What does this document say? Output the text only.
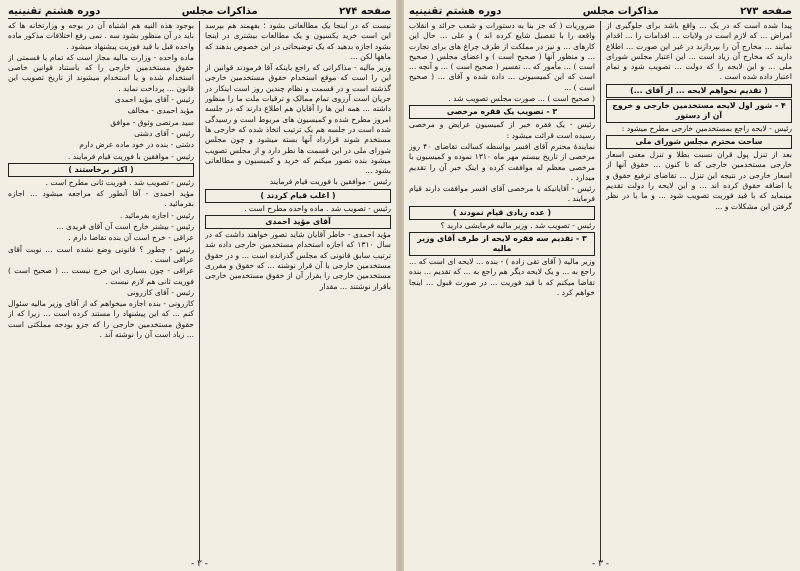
صفحه ۲۷۴
مذاکرات مجلس
دوره هشتم تقنینیه

نیست که در اینجا یک مطالعاتی بشود ؛ بفهمند هم بپرسد این است خرید یکسیون و یک مطالعات بیشتری در اینجا بشود اجازه بدهید که یک توضیحاتی در این خصوص بدهند که ماهها لکن ...

وزیر مالیه - مذاکراتی که راجع باینکه آقا فرمودند قوانین از این را است که موقع استخدام حقوق مستخدمین خارجی گذشته است و در قسمت و نظام چندین روز است اینکار در جریان است آرزوی تمام ممالک و ترقیات ملت ما را منظور داشته ... همه این ها را آقایان هم اطلاع دارند که در جلسه امروز مطرح شده و کمیسیون های مربوط است و رسیدگی شده است در جلسه هم یک ترتیب اتخاذ شده که خارجی ها مستخدم شوند قرارداد آنها بسته میشود و چون مجلس شورای ملی در این قسمت ها نظر دارد و از مجلس تصویب میشود بنده تصور میکنم که خرید و کمیسیون و مطالعاتی بشود ...

رئیس - موافقین با فوریت قیام فرمایند

( اغلب قیام کردند )

رئیس - تصویب شد . ماده واحده مطرح است .

آقای مؤید احمدی

مؤید احمدی - خاطر آقایان شاید تصور خواهند داشت که در سال ۱۳۱۰ که اجازه استخدام مستخدمین خارجی داده شد ترتیب سابق قانونی که مجلس گذرانده است ... و در حقوق مستخدمین خارجی با آن قرار نوشته ... که حقوق و مقرری مستخدمین خارجی را بقرار آن از حقوق مستخدمین خارجی باقرار نوشتند ... مقدار

بوجود هذه النیه هم اشتباه آن در بوجه و وزارتخانه ها که باید در آن منظور بشود سه . نمی رفع اختلافات مذکور ماده واحده قبل با قید فوریت پیشنهاد میشود .

ماده واحده - وزارت مالیه مجاز است که تمام یا قسمتی از حقوق مستخدمین خارجی را که باستناد قوانین خاصی استخدام شده و یا استخدام میشوند از تاریخ تصویب این قانون ... پرداخت نماید .

رئیس - آقای مؤید احمدی

مؤید احمدی - مخالف

سید مرتضی وثوق - موافق

رئیس - آقای دشتی

دشتی - بنده در خود ماده عرض دارم

رئیس - موافقین با فوریت قیام فرمایند .

( اکثر برخاستند )

رئیس - تصویب شد . فوریت ثانی مطرح است .

مؤید احمدی - آقا آنطور که مراجعه میشود ... اجازه بفرمائید .

رئیس - اجازه بفرمائید .

رئیس - بیشتر خارج است آن آقای فریدی ...

عراقی - خرج است آن بنده تقاضا دارم .

رئیس - چطور ؟ قانونی وضع نشده است ... نوبت آقای عراقی است .

عراقی - چون بسیاری این خرج نیست ... ( صحیح است ) فوریت ثانی هم لازم نیست .

رئیس - آقای کازرونی

کازرونی - بنده اجازه میخواهم که از آقای وزیر مالیه سئوال کنم ... که این پیشنهاد را مستند کرده است ... زیرا که از حقوق مستخدمین خارجی را که جزو بودجه مملکتی است ... زیاد است آن را نوشته آند .

- ۲ -
صفحه ۲۷۳
مذاکرات مجلس
دوره هشتم تقنینیه

پیدا شده است که در یک ... واقع باشد برای جلوگیری از امراض ... که لازم است در ولایات ... اقدامات را ... اقدام نمایند ... مخارج آن را بپردازند در غیر این صورت ... اطلاع دارید که مخارج آن زیاد است ... این اعتبار مجلس شورای ملی ... و این لایحه را که دولت ... تصویب شود و تمام اعتبار داده شده است .

( تقدیم نخواهم لایحه ... از آقای ...)

۴ - شور اول لایحه مستخدمین خارجی و خروج آن از دستور

رئیس - لایحه راجع بمستخدمین خارجی مطرح میشود :

ساحت محترم مجلس شورای ملی

بعد از تنزل پول قران نسبت بطلا و تنزل معنی اسعار خارجی مستخدمین خارجی که تا کنون ... حقوق آنها از اسعار خارجی در نتیجه این تنزل ... تقاضای ترفیع حقوق و یا اضافه حقوق کرده اند ... و این لایحه را دولت تقدیم مینماید که با قید فوریت تصویب شود ... و ما با در نظر گرفتن این مشکلات و ...

ضروریات ( که جز بنا به دستورات و شعب جرائد و انقلاب واقعه را با تفصیل شایع کرده اند ) و علی ... حال این کارهای ... و نیز در مملکت از طرف چراغ های برای تجارت ... و منظور آنها ( صحیح است ) و اعضای مجلس ( صحیح است ) ... مأمور که ... تفسیر ( صحیح است ) ... و آنچه ... است که این کمیسیونی ... داده شده و آقای ... ( صحیح است ) ...

( صحیح است ) ... صورت مجلس تصویب شد .

۳ - تصویب یک فقره مرخصی

رئیس - یک فقره خبر از کمیسیون عرایض و مرخصی رسیده است قرائت میشود :

نمایندهٔ محترم آقای افسر بواسطه کسالت تقاضای ۴۰ روز مرخصی از تاریخ بیستم مهر ماه ۱۳۱۰ نموده و کمیسیون با مرخصی معظم له موافقت کرده و اینک خبر آن را تقدیم میدارد .

رئیس - آقایانیکه با مرخصی آقای افسر موافقت دارند قیام فرمایند .

( عده زیادی قیام نمودند )

رئیس - تصویب شد . وزیر مالیه فرمایشی دارید ؟

۳ - تقدیم سه فقره لایحه از طرف آقای وزیر مالیه

وزیر مالیه ( آقای تقی زاده ) - بنده ... لایحه ای است که ... راجع به ... و یک لایحه دیگر هم راجع به ... که تقدیم ... بنده تقاضا میکنم که با قید فوریت ... در صورت قبول ... اینجا خواهم کرد .

- ۳ -
